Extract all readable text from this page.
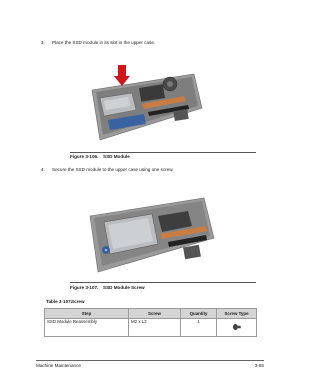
3. Place the SSD module in its slot in the upper case.
Figure 3-106. SSD Module
4. Secure the SSD module to the upper case using one screw.
Figure 3-107. SSD Module Screw
Table 3-107.Screw
Step	Screw	Quantity	Screw Type
SSD Module Reassembly	M2 x L3	1	
Machine Maintenance	3-65
